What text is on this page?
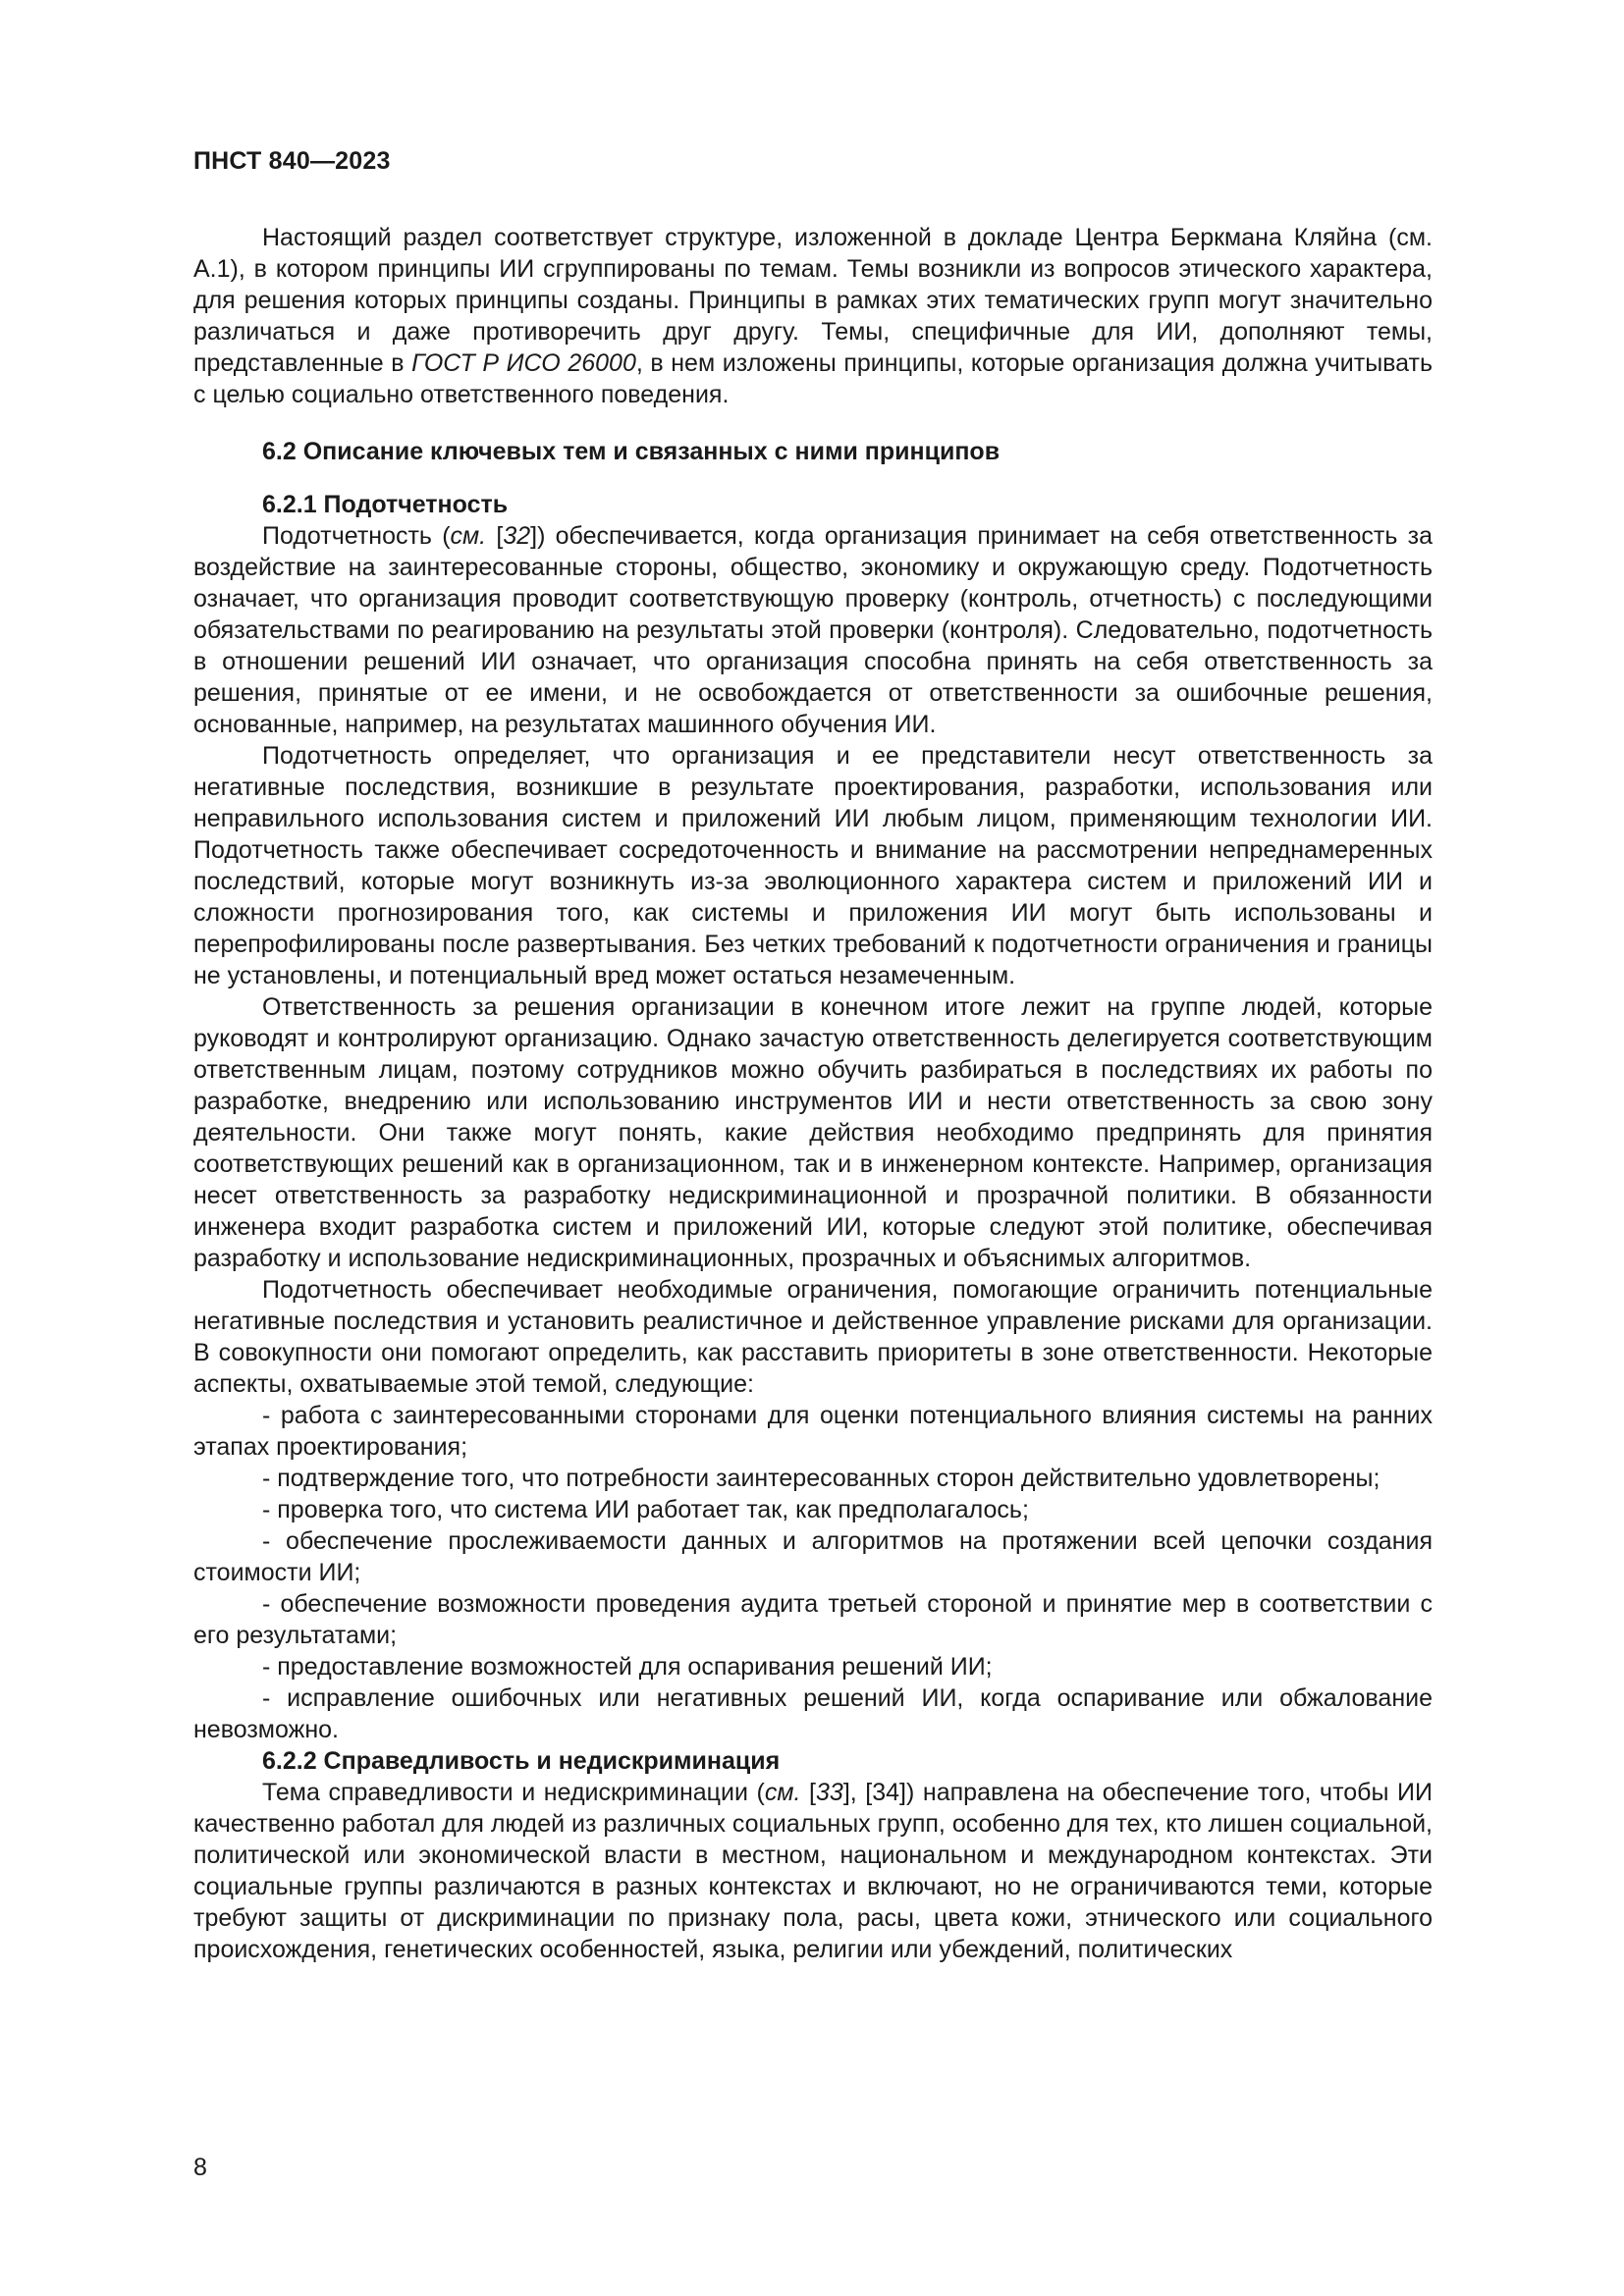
ПНСТ 840—2023

Настоящий раздел соответствует структуре, изложенной в докладе Центра Беркмана Кляйна (см. А.1), в котором принципы ИИ сгруппированы по темам. Темы возникли из вопросов этического характера, для решения которых принципы созданы. Принципы в рамках этих тематических групп могут значительно различаться и даже противоречить друг другу. Темы, специфичные для ИИ, дополняют темы, представленные в ГОСТ Р ИСО 26000, в нем изложены принципы, которые организация должна учитывать с целью социально ответственного поведения.

6.2 Описание ключевых тем и связанных с ними принципов

6.2.1 Подотчетность

Подотчетность (см. [32]) обеспечивается, когда организация принимает на себя ответственность за воздействие на заинтересованные стороны, общество, экономику и окружающую среду. Подотчетность означает, что организация проводит соответствующую проверку (контроль, отчетность) с последующими обязательствами по реагированию на результаты этой проверки (контроля). Следовательно, подотчетность в отношении решений ИИ означает, что организация способна принять на себя ответственность за решения, принятые от ее имени, и не освобождается от ответственности за ошибочные решения, основанные, например, на результатах машинного обучения ИИ.

Подотчетность определяет, что организация и ее представители несут ответственность за негативные последствия, возникшие в результате проектирования, разработки, использования или неправильного использования систем и приложений ИИ любым лицом, применяющим технологии ИИ. Подотчетность также обеспечивает сосредоточенность и внимание на рассмотрении непреднамеренных последствий, которые могут возникнуть из-за эволюционного характера систем и приложений ИИ и сложности прогнозирования того, как системы и приложения ИИ могут быть использованы и перепрофилированы после развертывания. Без четких требований к подотчетности ограничения и границы не установлены, и потенциальный вред может остаться незамеченным.

Ответственность за решения организации в конечном итоге лежит на группе людей, которые руководят и контролируют организацию. Однако зачастую ответственность делегируется соответствующим ответственным лицам, поэтому сотрудников можно обучить разбираться в последствиях их работы по разработке, внедрению или использованию инструментов ИИ и нести ответственность за свою зону деятельности. Они также могут понять, какие действия необходимо предпринять для принятия соответствующих решений как в организационном, так и в инженерном контексте. Например, организация несет ответственность за разработку недискриминационной и прозрачной политики. В обязанности инженера входит разработка систем и приложений ИИ, которые следуют этой политике, обеспечивая разработку и использование недискриминационных, прозрачных и объяснимых алгоритмов.

Подотчетность обеспечивает необходимые ограничения, помогающие ограничить потенциальные негативные последствия и установить реалистичное и действенное управление рисками для организации. В совокупности они помогают определить, как расставить приоритеты в зоне ответственности. Некоторые аспекты, охватываемые этой темой, следующие:

- работа с заинтересованными сторонами для оценки потенциального влияния системы на ранних этапах проектирования;

- подтверждение того, что потребности заинтересованных сторон действительно удовлетворены;

- проверка того, что система ИИ работает так, как предполагалось;

- обеспечение прослеживаемости данных и алгоритмов на протяжении всей цепочки создания стоимости ИИ;

- обеспечение возможности проведения аудита третьей стороной и принятие мер в соответствии с его результатами;

- предоставление возможностей для оспаривания решений ИИ;

- исправление ошибочных или негативных решений ИИ, когда оспаривание или обжалование невозможно.

6.2.2 Справедливость и недискриминация

Тема справедливости и недискриминации (см. [33], [34]) направлена на обеспечение того, чтобы ИИ качественно работал для людей из различных социальных групп, особенно для тех, кто лишен социальной, политической или экономической власти в местном, национальном и международном контекстах. Эти социальные группы различаются в разных контекстах и включают, но не ограничиваются теми, которые требуют защиты от дискриминации по признаку пола, расы, цвета кожи, этнического или социального происхождения, генетических особенностей, языка, религии или убеждений, политических

8
